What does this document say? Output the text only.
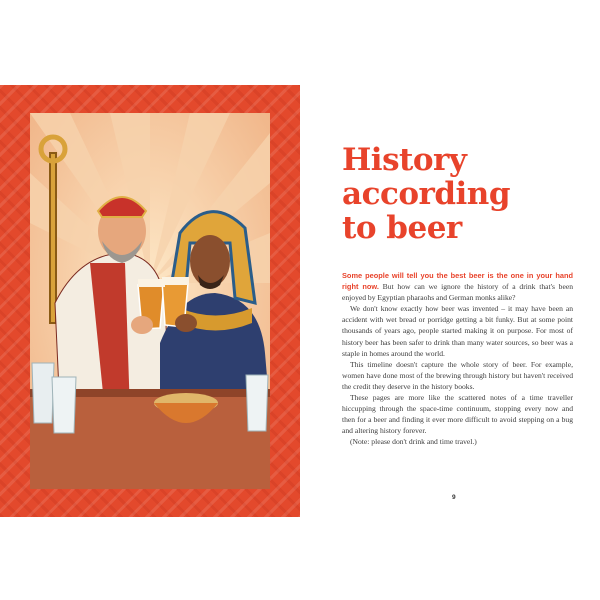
History
according
to beer

Some people will tell you the best beer is the one in your hand right now. But how can we ignore the history of a drink that's been enjoyed by Egyptian pharaohs and German monks alike?

We don't know exactly how beer was invented – it may have been an accident with wet bread or porridge getting a bit funky. But at some point thousands of years ago, people started making it on purpose. For most of history beer has been safer to drink than many water sources, so beer was a staple in homes around the world.

This timeline doesn't capture the whole story of beer. For example, women have done most of the brewing through history but haven't received the credit they deserve in the history books.

These pages are more like the scattered notes of a time traveller hiccupping through the space-time continuum, stopping every now and then for a beer and finding it ever more difficult to avoid stepping on a bug and altering history forever.

(Note: please don't drink and time travel.)

9
